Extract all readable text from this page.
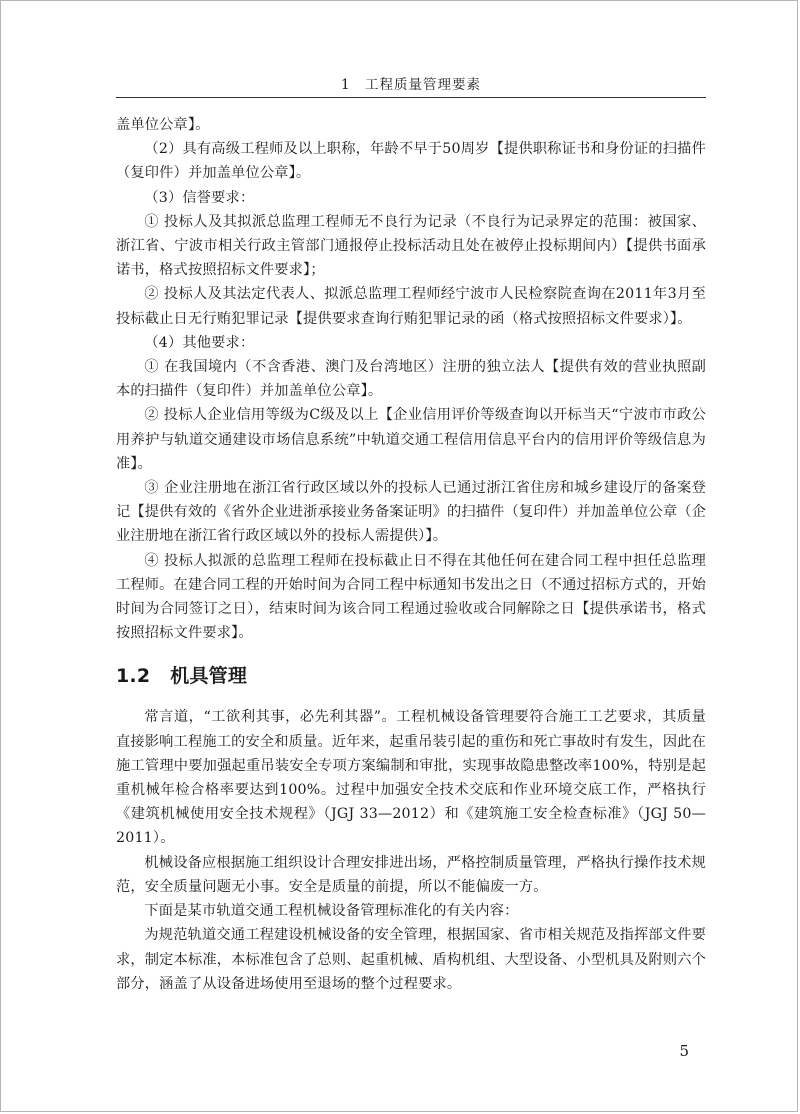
1　工程质量管理要素

盖单位公章】。

（2）具有高级工程师及以上职称，年龄不早于50周岁【提供职称证书和身份证的扫描件（复印件）并加盖单位公章】。

（3）信誉要求：

① 投标人及其拟派总监理工程师无不良行为记录（不良行为记录界定的范围：被国家、浙江省、宁波市相关行政主管部门通报停止投标活动且处在被停止投标期间内）【提供书面承诺书，格式按照招标文件要求】；

② 投标人及其法定代表人、拟派总监理工程师经宁波市人民检察院查询在2011年3月至投标截止日无行贿犯罪记录【提供要求查询行贿犯罪记录的函（格式按照招标文件要求）】。

（4）其他要求：

① 在我国境内（不含香港、澳门及台湾地区）注册的独立法人【提供有效的营业执照副本的扫描件（复印件）并加盖单位公章】。

② 投标人企业信用等级为C级及以上【企业信用评价等级查询以开标当天“宁波市市政公用养护与轨道交通建设市场信息系统”中轨道交通工程信用信息平台内的信用评价等级信息为准】。

③ 企业注册地在浙江省行政区域以外的投标人已通过浙江省住房和城乡建设厅的备案登记【提供有效的《省外企业进浙承接业务备案证明》的扫描件（复印件）并加盖单位公章（企业注册地在浙江省行政区域以外的投标人需提供）】。

④ 投标人拟派的总监理工程师在投标截止日不得在其他任何在建合同工程中担任总监理工程师。在建合同工程的开始时间为合同工程中标通知书发出之日（不通过招标方式的，开始时间为合同签订之日），结束时间为该合同工程通过验收或合同解除之日【提供承诺书，格式按照招标文件要求】。

1.2 机具管理

常言道，“工欲利其事，必先利其器”。工程机械设备管理要符合施工工艺要求，其质量直接影响工程施工的安全和质量。近年来，起重吊装引起的重伤和死亡事故时有发生，因此在施工管理中要加强起重吊装安全专项方案编制和审批，实现事故隐患整改率100%，特别是起重机械年检合格率要达到100%。过程中加强安全技术交底和作业环境交底工作，严格执行《建筑机械使用安全技术规程》（JGJ 33—2012）和《建筑施工安全检查标准》（JGJ 50—2011）。

机械设备应根据施工组织设计合理安排进出场，严格控制质量管理，严格执行操作技术规范，安全质量问题无小事。安全是质量的前提，所以不能偏废一方。

下面是某市轨道交通工程机械设备管理标准化的有关内容：

为规范轨道交通工程建设机械设备的安全管理，根据国家、省市相关规范及指挥部文件要求，制定本标准，本标准包含了总则、起重机械、盾构机组、大型设备、小型机具及附则六个部分，涵盖了从设备进场使用至退场的整个过程要求。

5
